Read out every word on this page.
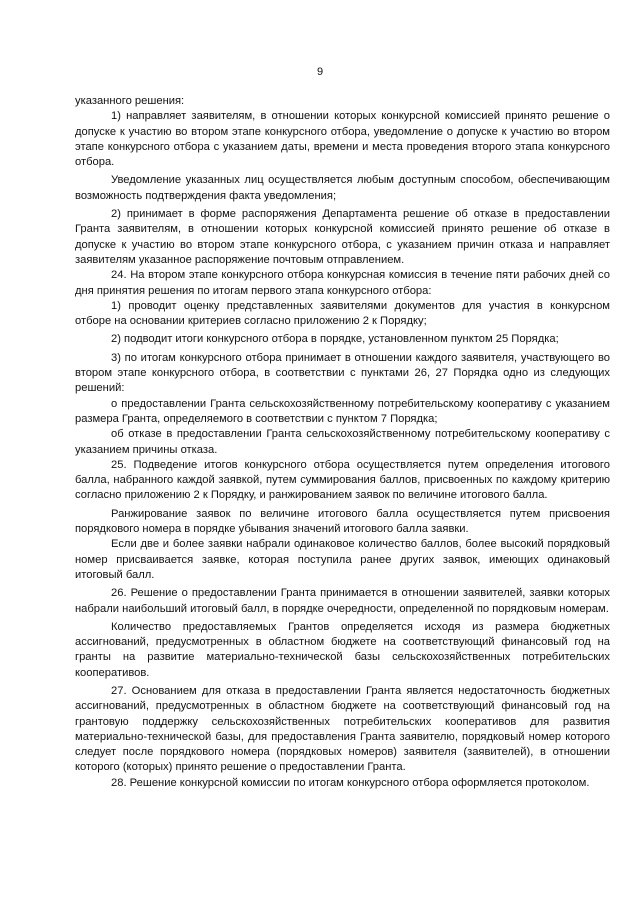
9

указанного решения:

1) направляет заявителям, в отношении которых конкурсной комиссией принято решение о допуске к участию во втором этапе конкурсного отбора, уведомление о допуске к участию во втором этапе конкурсного отбора с указанием даты, времени и места проведения второго этапа конкурсного отбора.

Уведомление указанных лиц осуществляется любым доступным способом, обеспечивающим возможность подтверждения факта уведомления;

2) принимает в форме распоряжения Департамента решение об отказе в предоставлении Гранта заявителям, в отношении которых конкурсной комиссией принято решение об отказе в допуске к участию во втором этапе конкурсного отбора, с указанием причин отказа и направляет заявителям указанное распоряжение почтовым отправлением.

24. На втором этапе конкурсного отбора конкурсная комиссия в течение пяти рабочих дней со дня принятия решения по итогам первого этапа конкурсного отбора:

1) проводит оценку представленных заявителями документов для участия в конкурсном отборе на основании критериев согласно приложению 2 к Порядку;

2) подводит итоги конкурсного отбора в порядке, установленном пунктом 25 Порядка;

3) по итогам конкурсного отбора принимает в отношении каждого заявителя, участвующего во втором этапе конкурсного отбора, в соответствии с пунктами 26, 27 Порядка одно из следующих решений:

о предоставлении Гранта сельскохозяйственному потребительскому кооперативу с указанием размера Гранта, определяемого в соответствии с пунктом 7 Порядка;

об отказе в предоставлении Гранта сельскохозяйственному потребительскому кооперативу с указанием причины отказа.

25. Подведение итогов конкурсного отбора осуществляется путем определения итогового балла, набранного каждой заявкой, путем суммирования баллов, присвоенных по каждому критерию согласно приложению 2 к Порядку, и ранжированием заявок по величине итогового балла.

Ранжирование заявок по величине итогового балла осуществляется путем присвоения порядкового номера в порядке убывания значений итогового балла заявки.

Если две и более заявки набрали одинаковое количество баллов, более высокий порядковый номер присваивается заявке, которая поступила ранее других заявок, имеющих одинаковый итоговый балл.

26. Решение о предоставлении Гранта принимается в отношении заявителей, заявки которых набрали наибольший итоговый балл, в порядке очередности, определенной по порядковым номерам.

Количество предоставляемых Грантов определяется исходя из размера бюджетных ассигнований, предусмотренных в областном бюджете на соответствующий финансовый год на гранты на развитие материально-технической базы сельскохозяйственных потребительских кооперативов.

27. Основанием для отказа в предоставлении Гранта является недостаточность бюджетных ассигнований, предусмотренных в областном бюджете на соответствующий финансовый год на грантовую поддержку сельскохозяйственных потребительских кооперативов для развития материально-технической базы, для предоставления Гранта заявителю, порядковый номер которого следует после порядкового номера (порядковых номеров) заявителя (заявителей), в отношении которого (которых) принято решение о предоставлении Гранта.

28. Решение конкурсной комиссии по итогам конкурсного отбора оформляется протоколом.
